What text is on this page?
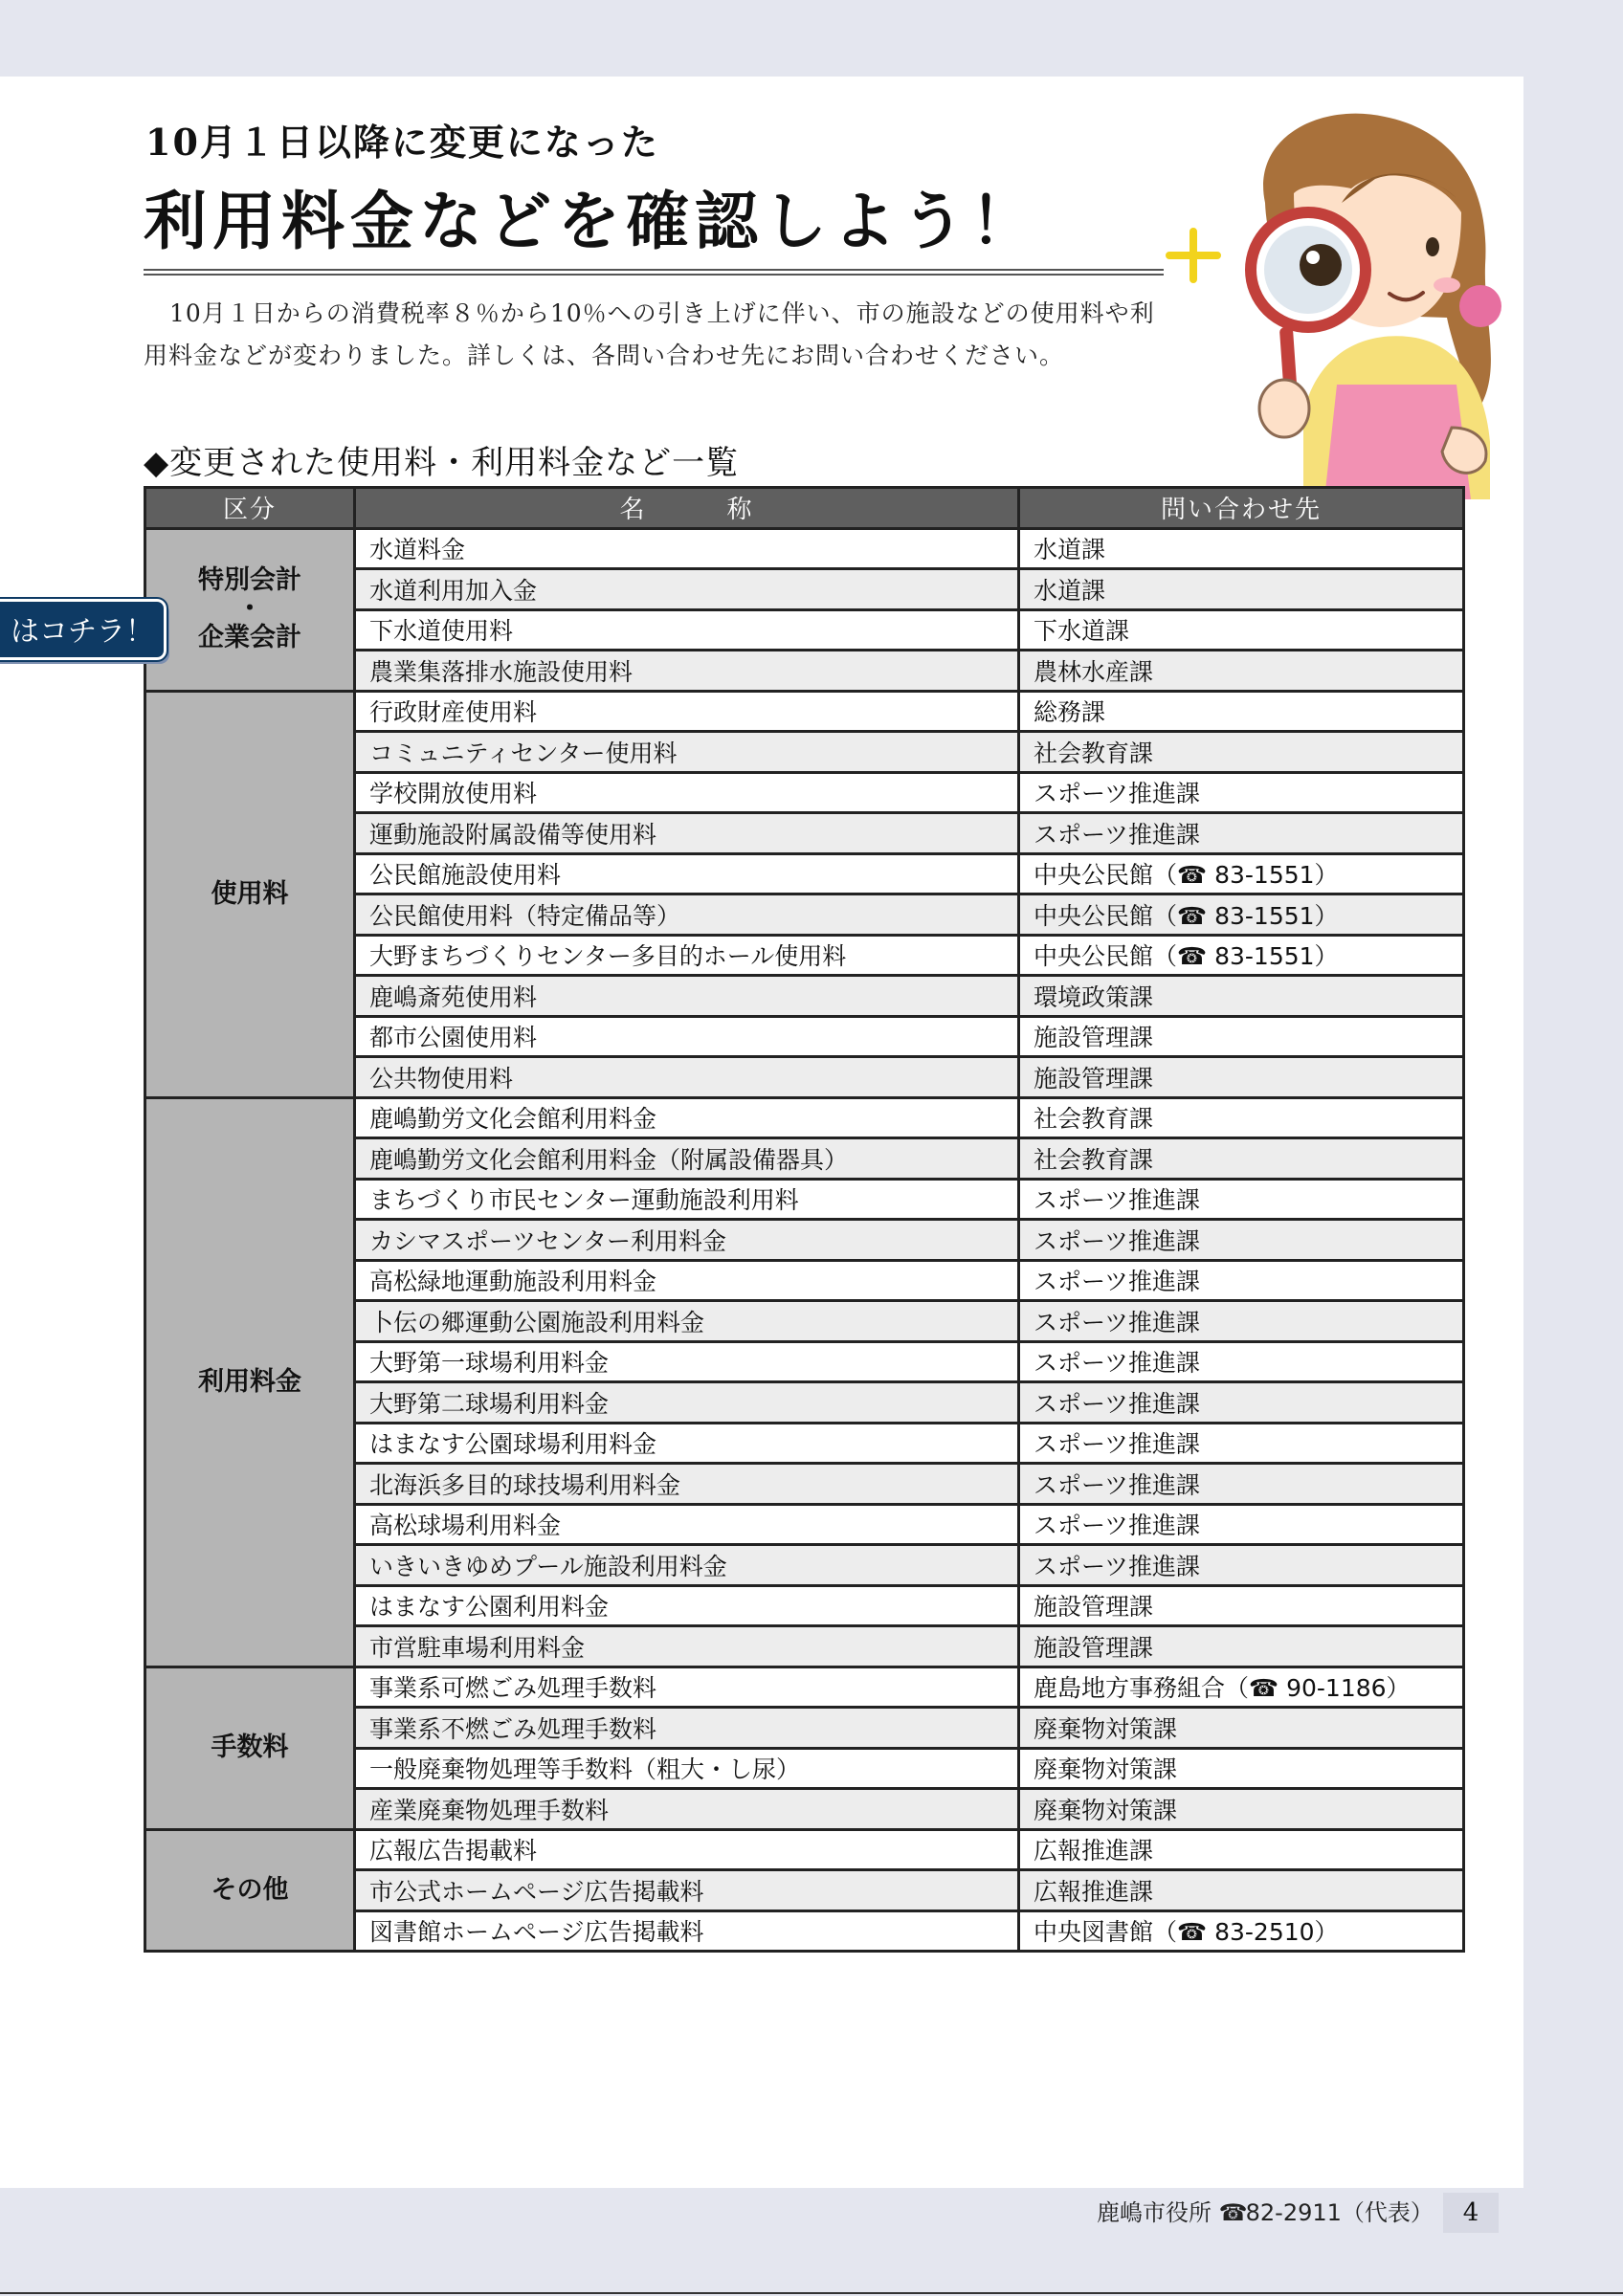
10月１日以降に変更になった
利用料金などを確認しよう！

10月１日からの消費税率８％から10％への引き上げに伴い、市の施設などの使用料や利用料金などが変わりました。詳しくは、各問い合わせ先にお問い合わせください。

◆変更された使用料・利用料金など一覧
区分	名　　　称	問い合わせ先

特別会計
・
企業会計	水道料金	水道課
	水道利用加入金	水道課
	下水道使用料	下水道課
	農業集落排水施設使用料	農林水産課
使用料	行政財産使用料	総務課
	コミュニティセンター使用料	社会教育課
	学校開放使用料	スポーツ推進課
	運動施設附属設備等使用料	スポーツ推進課
	公民館施設使用料	中央公民館（☎ 83-1551）
	公民館使用料（特定備品等）	中央公民館（☎ 83-1551）
	大野まちづくりセンター多目的ホール使用料	中央公民館（☎ 83-1551）
	鹿嶋斎苑使用料	環境政策課
	都市公園使用料	施設管理課
	公共物使用料	施設管理課
利用料金	鹿嶋勤労文化会館利用料金	社会教育課
	鹿嶋勤労文化会館利用料金（附属設備器具）	社会教育課
	まちづくり市民センター運動施設利用料	スポーツ推進課
	カシマスポーツセンター利用料金	スポーツ推進課
	高松緑地運動施設利用料金	スポーツ推進課
	卜伝の郷運動公園施設利用料金	スポーツ推進課
	大野第一球場利用料金	スポーツ推進課
	大野第二球場利用料金	スポーツ推進課
	はまなす公園球場利用料金	スポーツ推進課
	北海浜多目的球技場利用料金	スポーツ推進課
	高松球場利用料金	スポーツ推進課
	いきいきゆめプール施設利用料金	スポーツ推進課
	はまなす公園利用料金	施設管理課
	市営駐車場利用料金	施設管理課
手数料	事業系可燃ごみ処理手数料	鹿島地方事務組合（☎ 90-1186）
	事業系不燃ごみ処理手数料	廃棄物対策課
	一般廃棄物処理等手数料（粗大・し尿）	廃棄物対策課
	産業廃棄物処理手数料	廃棄物対策課
その他	広報広告掲載料	広報推進課
	市公式ホームページ広告掲載料	広報推進課
	図書館ホームページ広告掲載料	中央図書館（☎ 83-2510）
はコチラ！
鹿嶋市役所 ☎82-2911（代表）	4
